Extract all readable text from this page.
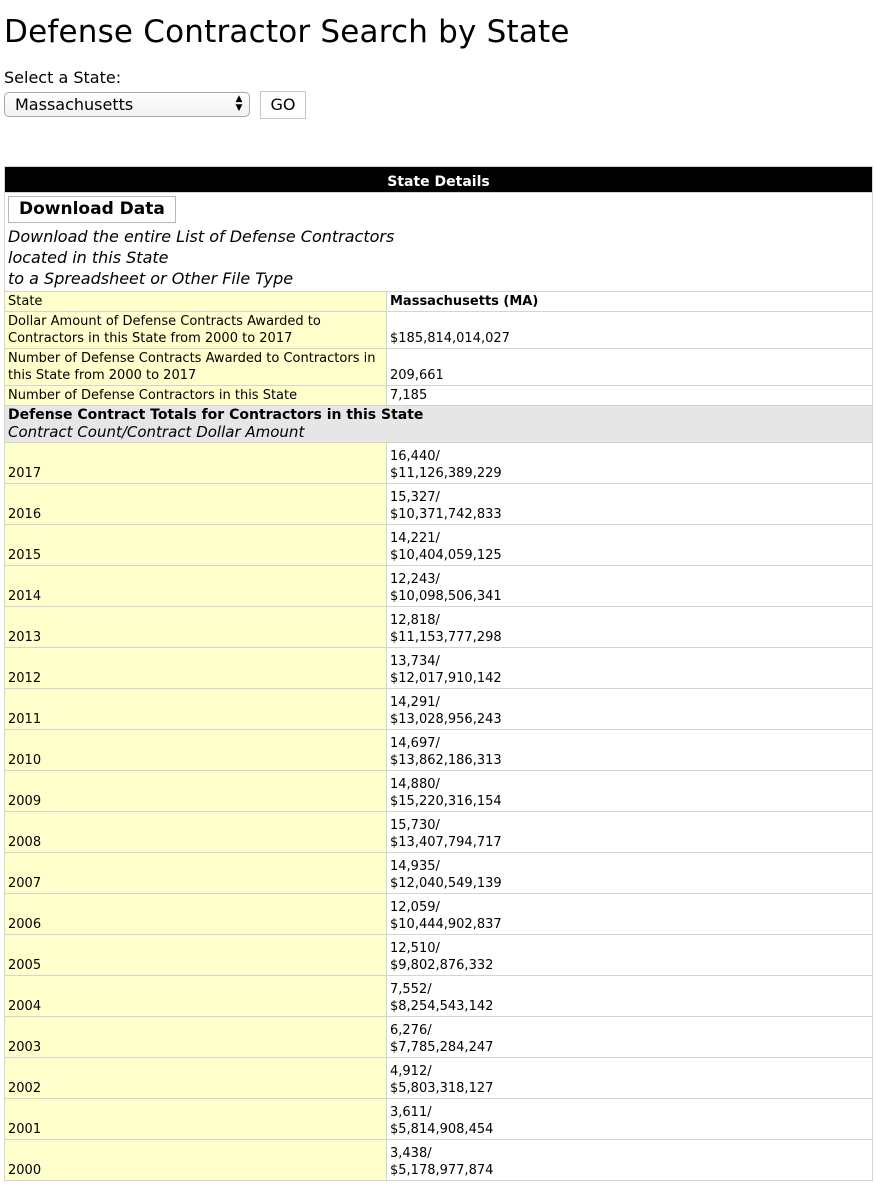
Defense Contractor Search by State
Select a State:
Massachusetts	▲
▼	GO
State Details	
Download Data
Download the entire List of Defense Contractors
located in this State
to a Spreadsheet or Other File Type	

State	Massachusetts (MA)
Dollar Amount of Defense Contracts Awarded to Contractors in this State from 2000 to 2017	$185,814,014,027
Number of Defense Contracts Awarded to Contractors in this State from 2000 to 2017	209,661
Number of Defense Contractors in this State	7,185

Defense Contract Totals for Contractors in this State
Contract Count/Contract Dollar Amount	

2017	16,440/
$11,126,389,229

2016	15,327/
$10,371,742,833

2015	14,221/
$10,404,059,125

2014	12,243/
$10,098,506,341

2013	12,818/
$11,153,777,298

2012	13,734/
$12,017,910,142

2011	14,291/
$13,028,956,243

2010	14,697/
$13,862,186,313

2009	14,880/
$15,220,316,154

2008	15,730/
$13,407,794,717

2007	14,935/
$12,040,549,139

2006	12,059/
$10,444,902,837

2005	12,510/
$9,802,876,332

2004	7,552/
$8,254,543,142

2003	6,276/
$7,785,284,247

2002	4,912/
$5,803,318,127

2001	3,611/
$5,814,908,454

2000	3,438/
$5,178,977,874
